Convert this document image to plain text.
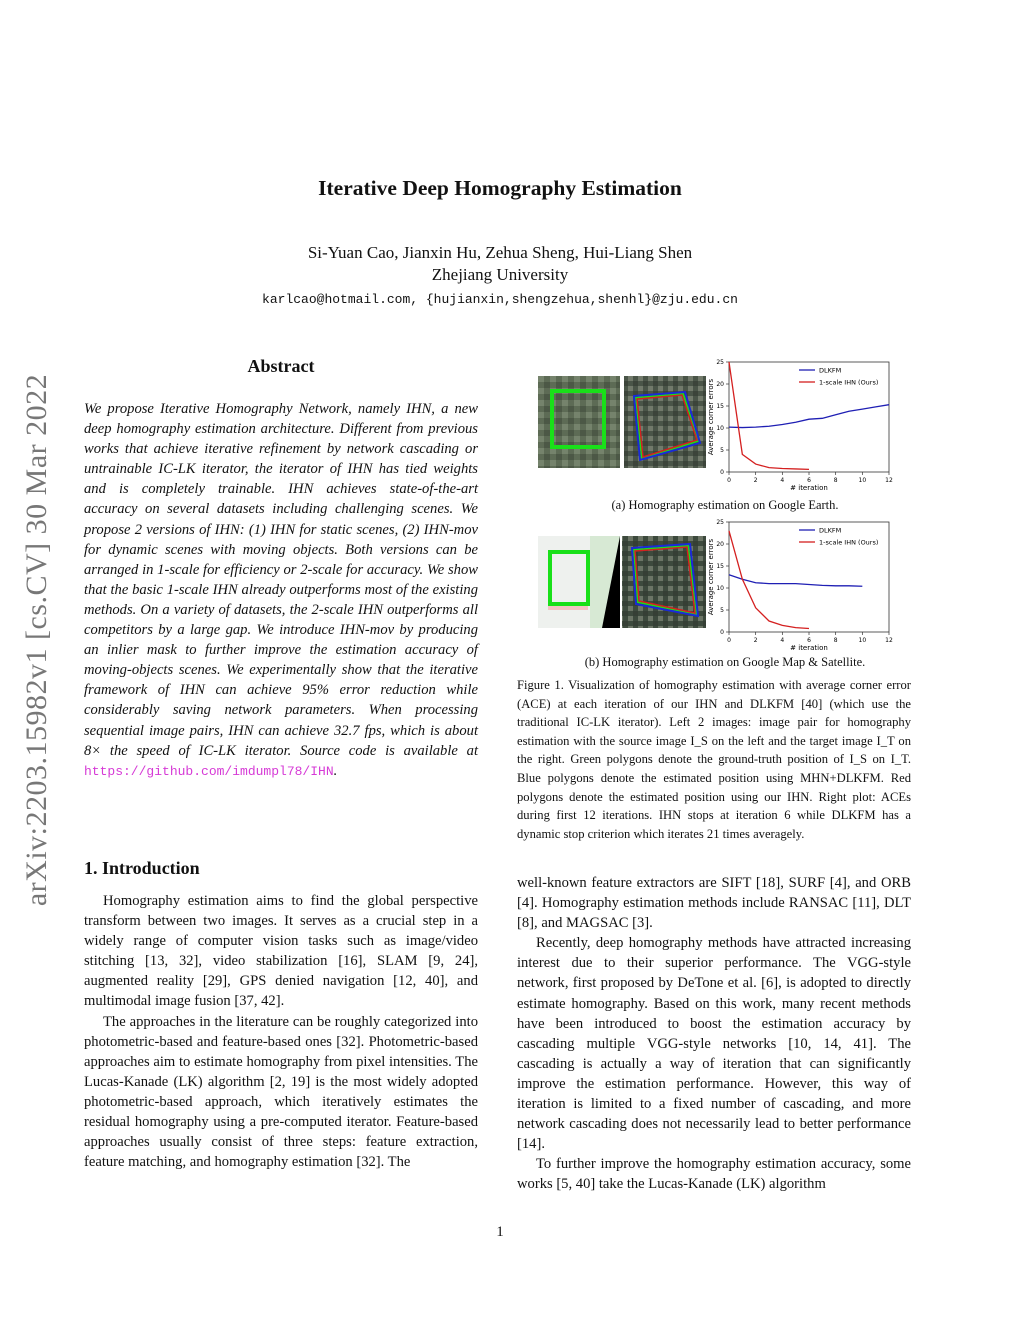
arXiv:2203.15982v1 [cs.CV] 30 Mar 2022
Iterative Deep Homography Estimation
Si-Yuan Cao, Jianxin Hu, Zehua Sheng, Hui-Liang Shen
Zhejiang University
karlcao@hotmail.com, {hujianxin,shengzehua,shenhl}@zju.edu.cn
Abstract
We propose Iterative Homography Network, namely IHN, a new deep homography estimation architecture. Different from previous works that achieve iterative refinement by network cascading or untrainable IC-LK iterator, the iterator of IHN has tied weights and is completely trainable. IHN achieves state-of-the-art accuracy on several datasets including challenging scenes. We propose 2 versions of IHN: (1) IHN for static scenes, (2) IHN-mov for dynamic scenes with moving objects. Both versions can be arranged in 1-scale for efficiency or 2-scale for accuracy. We show that the basic 1-scale IHN already outperforms most of the existing methods. On a variety of datasets, the 2-scale IHN outperforms all competitors by a large gap. We introduce IHN-mov by producing an inlier mask to further improve the estimation accuracy of moving-objects scenes. We experimentally show that the iterative framework of IHN can achieve 95% error reduction while considerably saving network parameters. When processing sequential image pairs, IHN can achieve 32.7 fps, which is about 8× the speed of IC-LK iterator. Source code is available at https://github.com/imdumpl78/IHN.
1. Introduction

Homography estimation aims to find the global perspective transform between two images. It serves as a crucial step in a widely range of computer vision tasks such as image/video stitching [13, 32], video stabilization [16], SLAM [9, 24], augmented reality [29], GPS denied navigation [12, 40], and multimodal image fusion [37, 42].

The approaches in the literature can be roughly categorized into photometric-based and feature-based ones [32]. Photometric-based approaches aim to estimate homography from pixel intensities. The Lucas-Kanade (LK) algorithm [2, 19] is the most widely adopted photometric-based approach, which iteratively estimates the residual homography using a pre-computed iterator. Feature-based approaches usually consist of three steps: feature extraction, feature matching, and homography estimation [32]. The

0	2	4	6	8	10	12
0
5
10
15
20
25
# iteration
Average corner errors
DLKFM
1-scale IHN (Ours)
0	2	4	6	8	10	12
0
5
10
15
20
25
# iteration
Average corner errors
DLKFM
1-scale IHN (Ours)
(a) Homography estimation on Google Earth.
(b) Homography estimation on Google Map & Satellite.
Figure 1. Visualization of homography estimation with average corner error (ACE) at each iteration of our IHN and DLKFM [40] (which use the traditional IC-LK iterator). Left 2 images: image pair for homography estimation with the source image I_S on the left and the target image I_T on the right. Green polygons denote the ground-truth position of I_S on I_T. Blue polygons denote the estimated position using MHN+DLKFM. Red polygons denote the estimated position using our IHN. Right plot: ACEs during first 12 iterations. IHN stops at iteration 6 while DLKFM has a dynamic stop criterion which iterates 21 times averagely.

well-known feature extractors are SIFT [18], SURF [4], and ORB [4]. Homography estimation methods include RANSAC [11], DLT [8], and MAGSAC [3].

Recently, deep homography methods have attracted increasing interest due to their superior performance. The VGG-style network, first proposed by DeTone et al. [6], is adopted to directly estimate homography. Based on this work, many recent methods have been introduced to boost the estimation accuracy by cascading multiple VGG-style networks [10, 14, 41]. The cascading is actually a way of iteration that can significantly improve the estimation performance. However, this way of iteration is limited to a fixed number of cascading, and more network cascading does not necessarily lead to better performance [14].

To further improve the homography estimation accuracy, some works [5, 40] take the Lucas-Kanade (LK) algorithm

1
